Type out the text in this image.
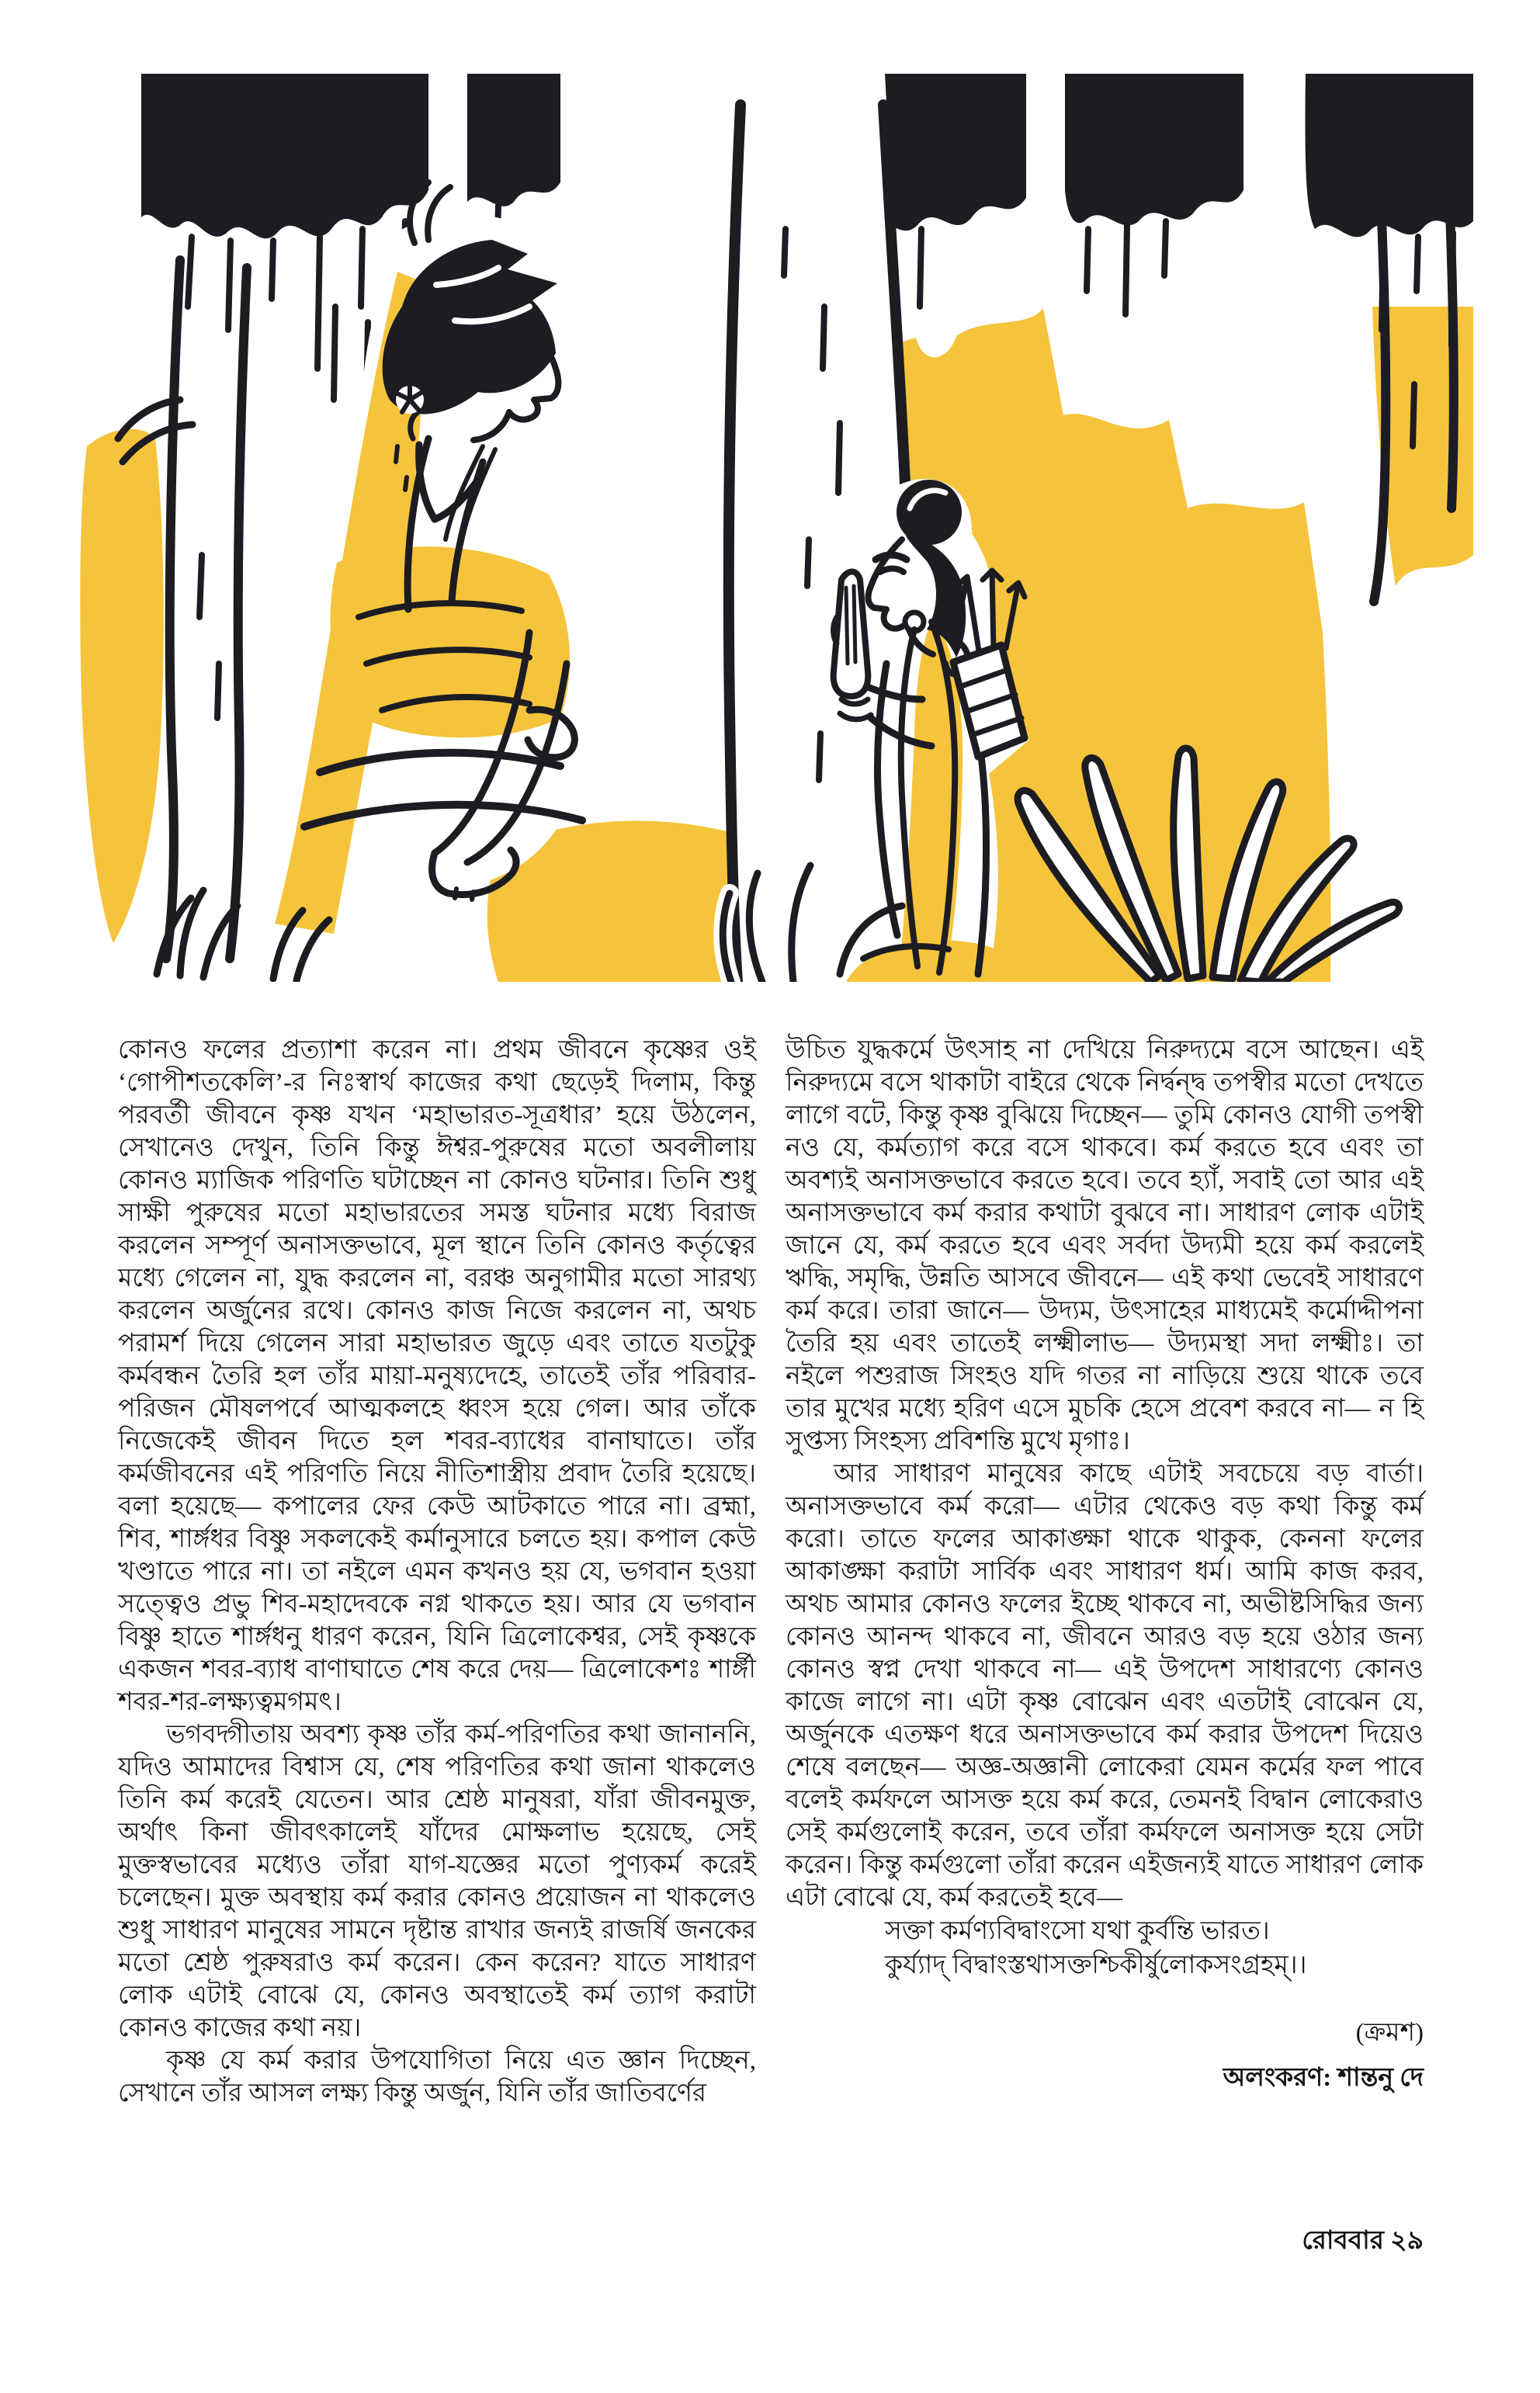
কোনও ফলের প্রত্যাশা করেন না। প্রথম জীবনে কৃষ্ণের ওই ‘গোপীশতকেলি’-র নিঃস্বার্থ কাজের কথা ছেড়েই দিলাম, কিন্তু পরবর্তী জীবনে কৃষ্ণ যখন ‘মহাভারত-সূত্রধার’ হয়ে উঠলেন, সেখানেও দেখুন, তিনি কিন্তু ঈশ্বর-পুরুষের মতো অবলীলায় কোনও ম্যাজিক পরিণতি ঘটাচ্ছেন না কোনও ঘটনার। তিনি শুধু সাক্ষী পুরুষের মতো মহাভারতের সমস্ত ঘটনার মধ্যে বিরাজ করলেন সম্পূর্ণ অনাসক্তভাবে, মূল স্থানে তিনি কোনও কর্তৃত্বের মধ্যে গেলেন না, যুদ্ধ করলেন না, বরঞ্চ অনুগামীর মতো সারথ্য করলেন অর্জুনের রথে। কোনও কাজ নিজে করলেন না, অথচ পরামর্শ দিয়ে গেলেন সারা মহাভারত জুড়ে এবং তাতে যতটুকু কর্মবন্ধন তৈরি হল তাঁর মায়া-মনুষ্যদেহে, তাতেই তাঁর পরিবার-পরিজন মৌষলপর্বে আত্মকলহে ধ্বংস হয়ে গেল। আর তাঁকে নিজেকেই জীবন দিতে হল শবর-ব্যাধের বানাঘাতে। তাঁর কর্মজীবনের এই পরিণতি নিয়ে নীতিশাস্ত্রীয় প্রবাদ তৈরি হয়েছে। বলা হয়েছে— কপালের ফের কেউ আটকাতে পারে না। ব্রহ্মা, শিব, শার্ঙ্গধর বিষ্ণু সকলকেই কর্মানুসারে চলতে হয়। কপাল কেউ খণ্ডাতে পারে না। তা নইলে এমন কখনও হয় যে, ভগবান হওয়া সত্ত্বেও প্রভু শিব-মহাদেবকে নগ্ন থাকতে হয়। আর যে ভগবান বিষ্ণু হাতে শার্ঙ্গধনু ধারণ করেন, যিনি ত্রিলোকেশ্বর, সেই কৃষ্ণকে একজন শবর-ব্যাধ বাণাঘাতে শেষ করে দেয়— ত্রিলোকেশঃ শার্ঙ্গী শবর-শর-লক্ষ্যত্বমগমৎ।

ভগবদ্গীতায় অবশ্য কৃষ্ণ তাঁর কর্ম-পরিণতির কথা জানাননি, যদিও আমাদের বিশ্বাস যে, শেষ পরিণতির কথা জানা থাকলেও তিনি কর্ম করেই যেতেন। আর শ্রেষ্ঠ মানুষরা, যাঁরা জীবনমুক্ত, অর্থাৎ কিনা জীবৎকালেই যাঁদের মোক্ষলাভ হয়েছে, সেই মুক্তস্বভাবের মধ্যেও তাঁরা যাগ-যজ্ঞের মতো পুণ্যকর্ম করেই চলেছেন। মুক্ত অবস্থায় কর্ম করার কোনও প্রয়োজন না থাকলেও শুধু সাধারণ মানুষের সামনে দৃষ্টান্ত রাখার জন্যই রাজর্ষি জনকের মতো শ্রেষ্ঠ পুরুষরাও কর্ম করেন। কেন করেন? যাতে সাধারণ লোক এটাই বোঝে যে, কোনও অবস্থাতেই কর্ম ত্যাগ করাটা কোনও কাজের কথা নয়।

কৃষ্ণ যে কর্ম করার উপযোগিতা নিয়ে এত জ্ঞান দিচ্ছেন, সেখানে তাঁর আসল লক্ষ্য কিন্তু অর্জুন, যিনি তাঁর জাতিবর্ণের

উচিত যুদ্ধকর্মে উৎসাহ না দেখিয়ে নিরুদ্যমে বসে আছেন। এই নিরুদ্যমে বসে থাকাটা বাইরে থেকে নির্দ্বন্দ্ব তপস্বীর মতো দেখতে লাগে বটে, কিন্তু কৃষ্ণ বুঝিয়ে দিচ্ছেন— তুমি কোনও যোগী তপস্বী নও যে, কর্মত্যাগ করে বসে থাকবে। কর্ম করতে হবে এবং তা অবশ্যই অনাসক্তভাবে করতে হবে। তবে হ্যাঁ, সবাই তো আর এই অনাসক্তভাবে কর্ম করার কথাটা বুঝবে না। সাধারণ লোক এটাই জানে যে, কর্ম করতে হবে এবং সর্বদা উদ্যমী হয়ে কর্ম করলেই ঋদ্ধি, সমৃদ্ধি, উন্নতি আসবে জীবনে— এই কথা ভেবেই সাধারণে কর্ম করে। তারা জানে— উদ্যম, উৎসাহের মাধ্যমেই কর্মোদ্দীপনা তৈরি হয় এবং তাতেই লক্ষ্মীলাভ— উদ্যমস্থা সদা লক্ষ্মীঃ। তা নইলে পশুরাজ সিংহও যদি গতর না নাড়িয়ে শুয়ে থাকে তবে তার মুখের মধ্যে হরিণ এসে মুচকি হেসে প্রবেশ করবে না— ন হি সুপ্তস্য সিংহস্য প্রবিশন্তি মুখে মৃগাঃ।

আর সাধারণ মানুষের কাছে এটাই সবচেয়ে বড় বার্তা। অনাসক্তভাবে কর্ম করো— এটার থেকেও বড় কথা কিন্তু কর্ম করো। তাতে ফলের আকাঙ্ক্ষা থাকে থাকুক, কেননা ফলের আকাঙ্ক্ষা করাটা সার্বিক এবং সাধারণ ধর্ম। আমি কাজ করব, অথচ আমার কোনও ফলের ইচ্ছে থাকবে না, অভীষ্টসিদ্ধির জন্য কোনও আনন্দ থাকবে না, জীবনে আরও বড় হয়ে ওঠার জন্য কোনও স্বপ্ন দেখা থাকবে না— এই উপদেশ সাধারণ্যে কোনও কাজে লাগে না। এটা কৃষ্ণ বোঝেন এবং এতটাই বোঝেন যে, অর্জুনকে এতক্ষণ ধরে অনাসক্তভাবে কর্ম করার উপদেশ দিয়েও শেষে বলছেন— অজ্ঞ-অজ্ঞানী লোকেরা যেমন কর্মের ফল পাবে বলেই কর্মফলে আসক্ত হয়ে কর্ম করে, তেমনই বিদ্বান লোকেরাও সেই কর্মগুলোই করেন, তবে তাঁরা কর্মফলে অনাসক্ত হয়ে সেটা করেন। কিন্তু কর্মগুলো তাঁরা করেন এইজন্যই যাতে সাধারণ লোক এটা বোঝে যে, কর্ম করতেই হবে—

সক্তা কর্মণ্যবিদ্বাংসো যথা কুর্বন্তি ভারত।
কুর্য্যাদ্ বিদ্বাংস্তথাসক্তশ্চিকীর্ষুলোকসংগ্রহম্।।
(ক্রমশ)
অলংকরণ: শান্তনু দে
রোববার ২৯
